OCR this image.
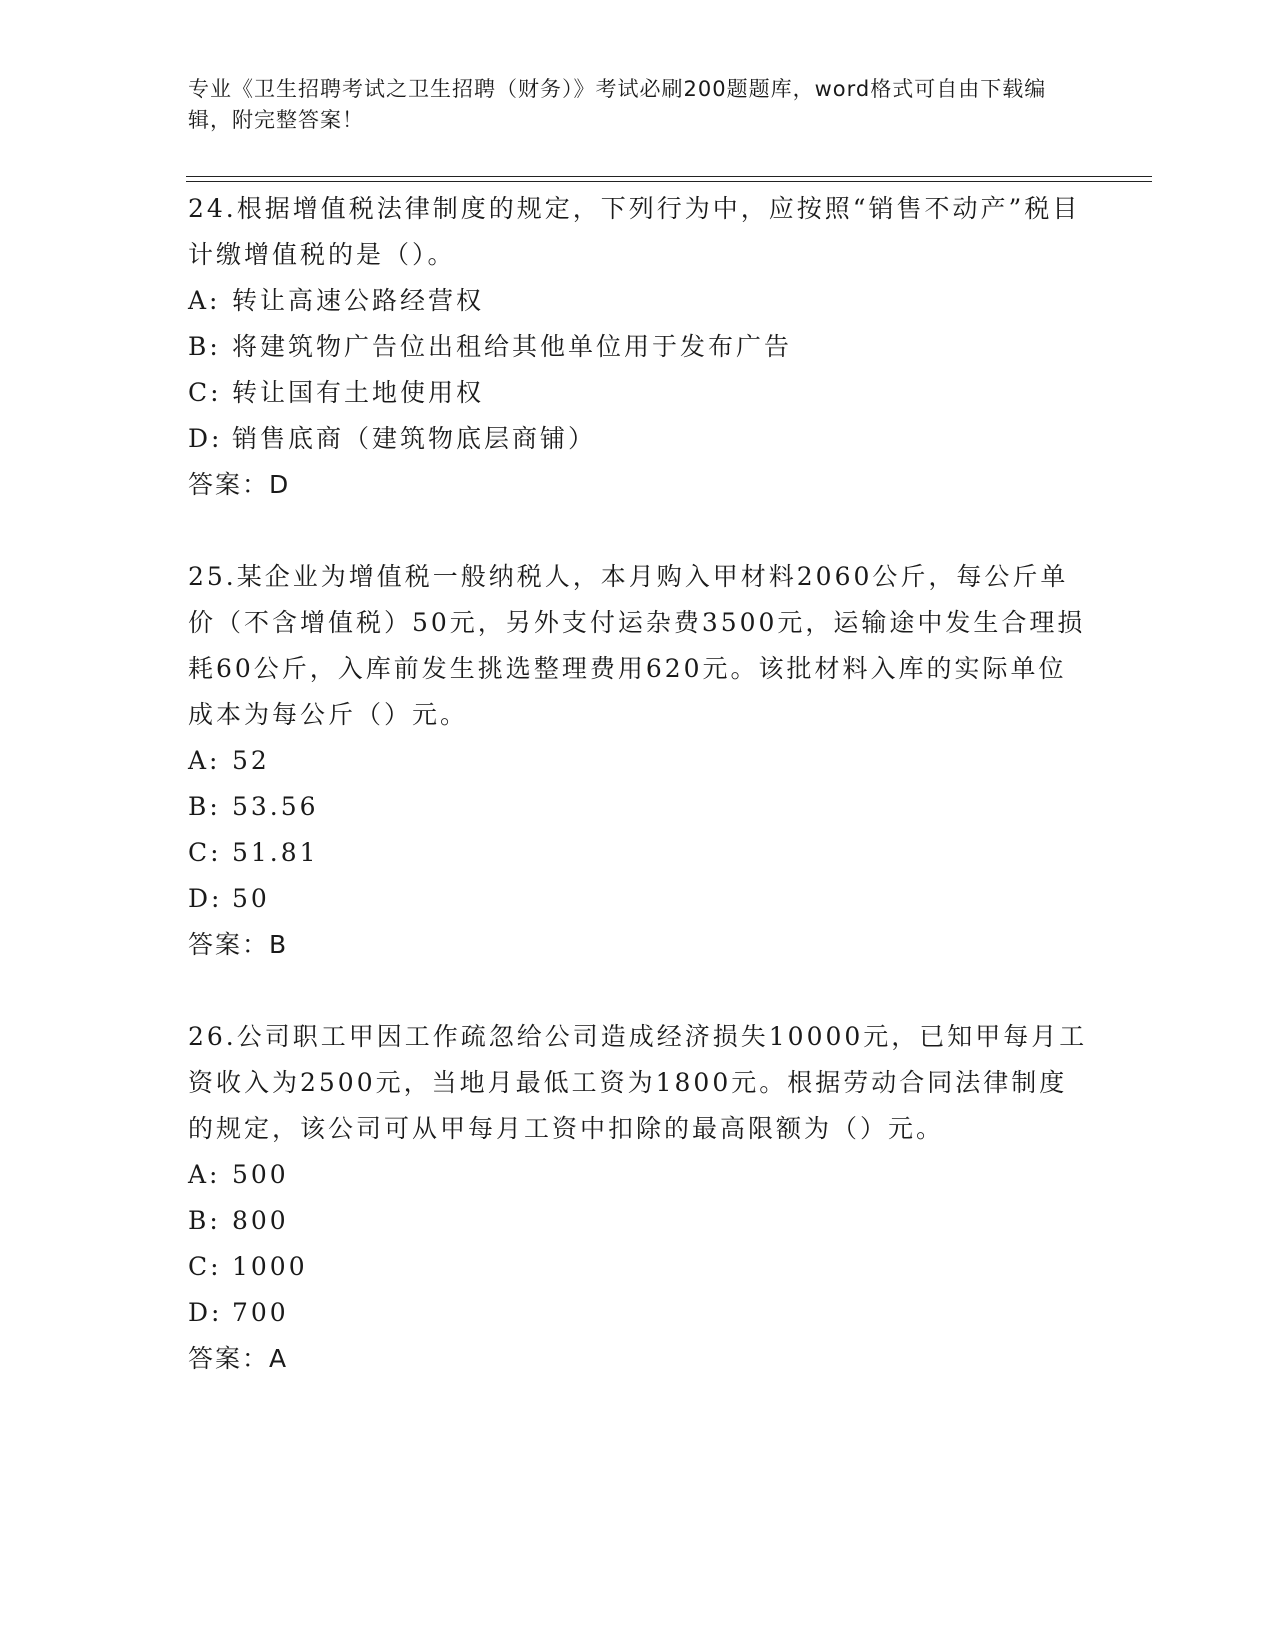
专业《卫生招聘考试之卫生招聘（财务）》考试必刷200题题库，word格式可自由下载编辑，附完整答案！

24.根据增值税法律制度的规定，下列行为中，应按照“销售不动产”税目计缴增值税的是（）。

A: 转让高速公路经营权

B: 将建筑物广告位出租给其他单位用于发布广告

C: 转让国有土地使用权

D: 销售底商（建筑物底层商铺）

答案：D

25.某企业为增值税一般纳税人，本月购入甲材料2060公斤，每公斤单价（不含增值税）50元，另外支付运杂费3500元，运输途中发生合理损耗60公斤，入库前发生挑选整理费用620元。该批材料入库的实际单位成本为每公斤（）元。

A: 52

B: 53.56

C: 51.81

D: 50

答案：B

26.公司职工甲因工作疏忽给公司造成经济损失10000元，已知甲每月工资收入为2500元，当地月最低工资为1800元。根据劳动合同法律制度的规定，该公司可从甲每月工资中扣除的最高限额为（）元。

A: 500

B: 800

C: 1000

D: 700

答案：A
